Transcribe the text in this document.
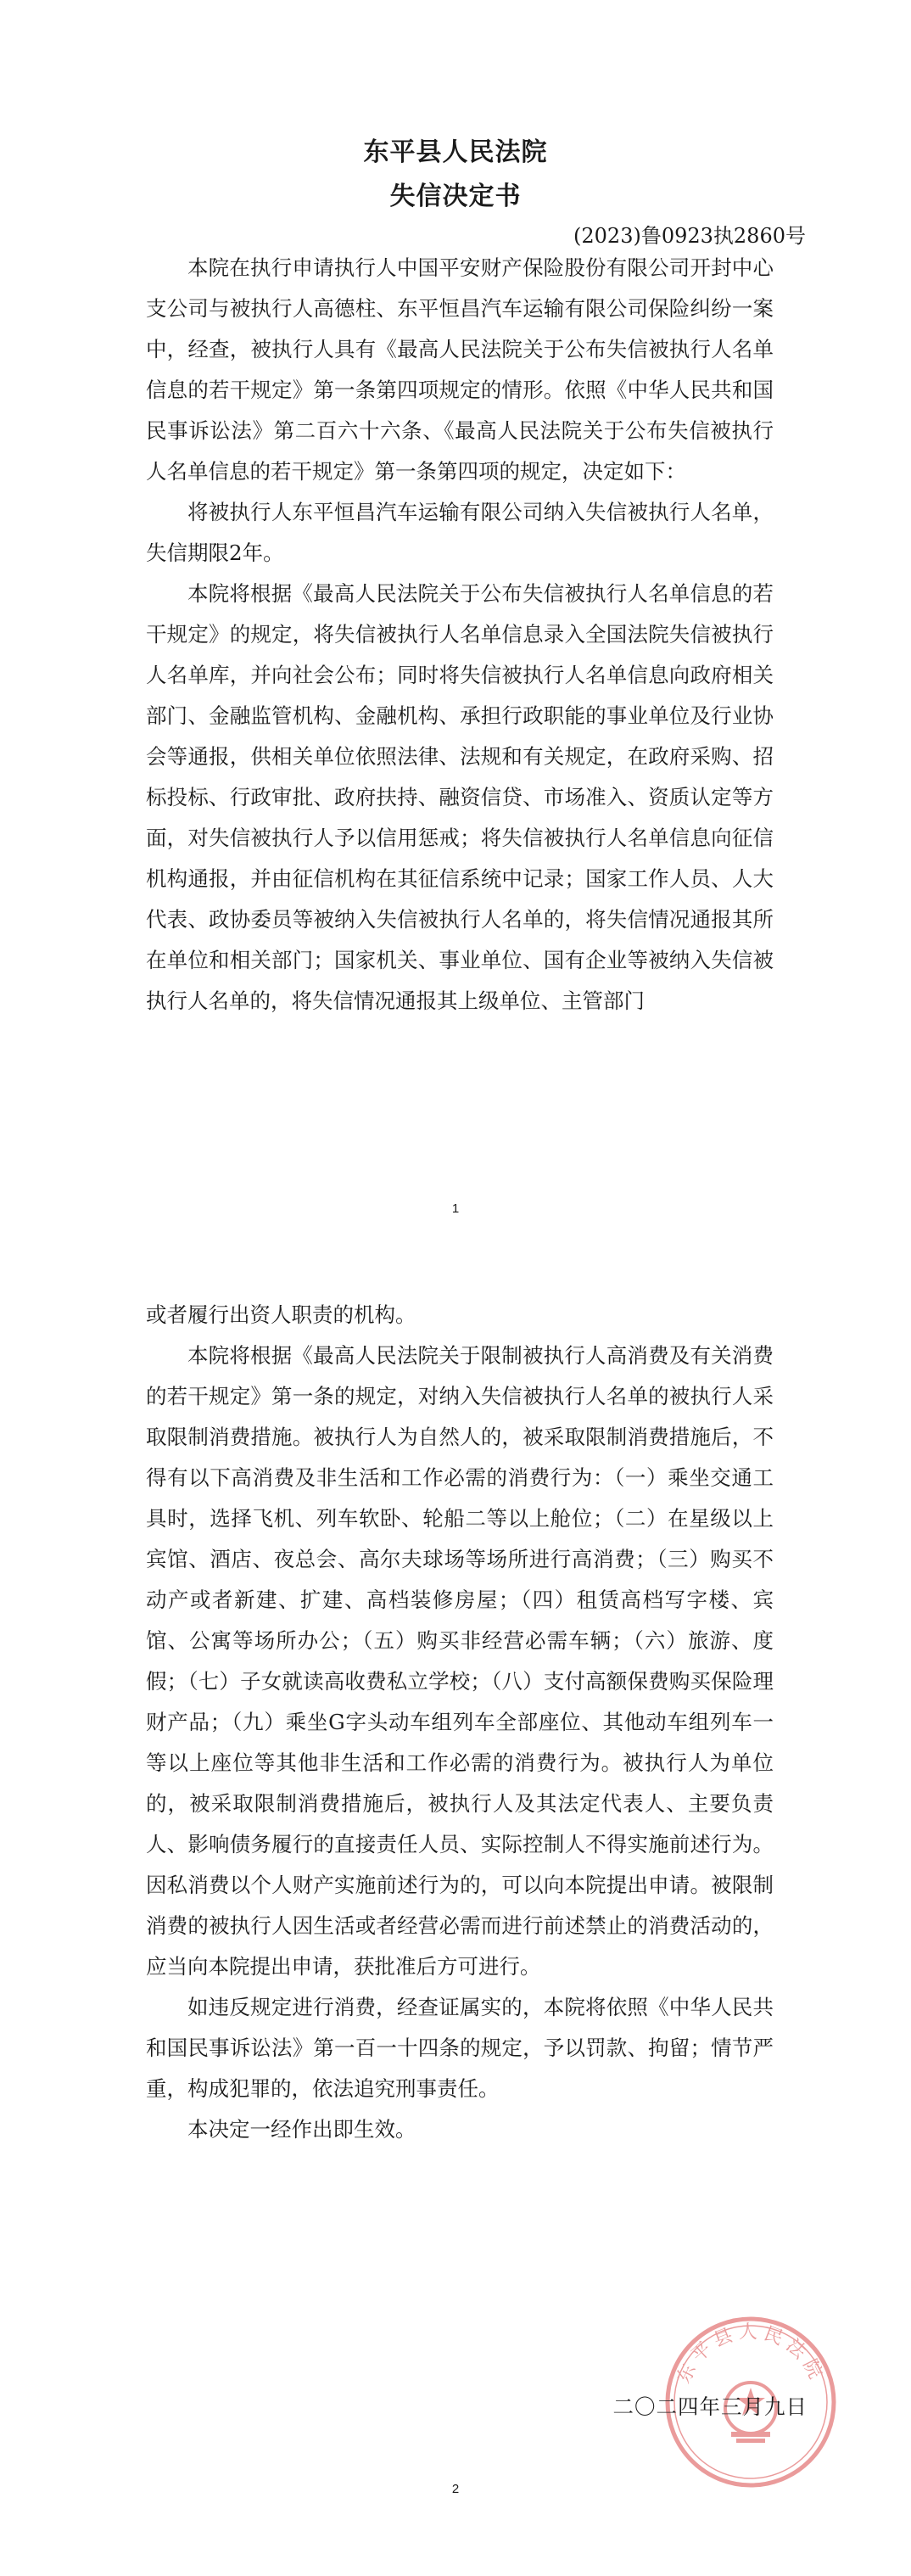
东平县人民法院
失信决定书
(2023)鲁0923执2860号

本院在执行申请执行人中国平安财产保险股份有限公司开封中心支公司与被执行人高德柱、东平恒昌汽车运输有限公司保险纠纷一案中，经查，被执行人具有《最高人民法院关于公布失信被执行人名单信息的若干规定》第一条第四项规定的情形。依照《中华人民共和国民事诉讼法》第二百六十六条、《最高人民法院关于公布失信被执行人名单信息的若干规定》第一条第四项的规定，决定如下：

将被执行人东平恒昌汽车运输有限公司纳入失信被执行人名单，失信期限2年。

本院将根据《最高人民法院关于公布失信被执行人名单信息的若干规定》的规定，将失信被执行人名单信息录入全国法院失信被执行人名单库，并向社会公布；同时将失信被执行人名单信息向政府相关部门、金融监管机构、金融机构、承担行政职能的事业单位及行业协会等通报，供相关单位依照法律、法规和有关规定，在政府采购、招标投标、行政审批、政府扶持、融资信贷、市场准入、资质认定等方面，对失信被执行人予以信用惩戒；将失信被执行人名单信息向征信机构通报，并由征信机构在其征信系统中记录；国家工作人员、人大代表、政协委员等被纳入失信被执行人名单的，将失信情况通报其所在单位和相关部门；国家机关、事业单位、国有企业等被纳入失信被执行人名单的，将失信情况通报其上级单位、主管部门

1

或者履行出资人职责的机构。

本院将根据《最高人民法院关于限制被执行人高消费及有关消费的若干规定》第一条的规定，对纳入失信被执行人名单的被执行人采取限制消费措施。被执行人为自然人的，被采取限制消费措施后，不得有以下高消费及非生活和工作必需的消费行为：（一）乘坐交通工具时，选择飞机、列车软卧、轮船二等以上舱位；（二）在星级以上宾馆、酒店、夜总会、高尔夫球场等场所进行高消费；（三）购买不动产或者新建、扩建、高档装修房屋；（四）租赁高档写字楼、宾馆、公寓等场所办公；（五）购买非经营必需车辆；（六）旅游、度假；（七）子女就读高收费私立学校；（八）支付高额保费购买保险理财产品；（九）乘坐G字头动车组列车全部座位、其他动车组列车一等以上座位等其他非生活和工作必需的消费行为。被执行人为单位的，被采取限制消费措施后，被执行人及其法定代表人、主要负责人、影响债务履行的直接责任人员、实际控制人不得实施前述行为。因私消费以个人财产实施前述行为的，可以向本院提出申请。被限制消费的被执行人因生活或者经营必需而进行前述禁止的消费活动的，应当向本院提出申请，获批准后方可进行。

如违反规定进行消费，经查证属实的，本院将依照《中华人民共和国民事诉讼法》第一百一十四条的规定，予以罚款、拘留；情节严重，构成犯罪的，依法追究刑事责任。

本决定一经作出即生效。

东平县人民法院
二〇二四年三月九日
2
